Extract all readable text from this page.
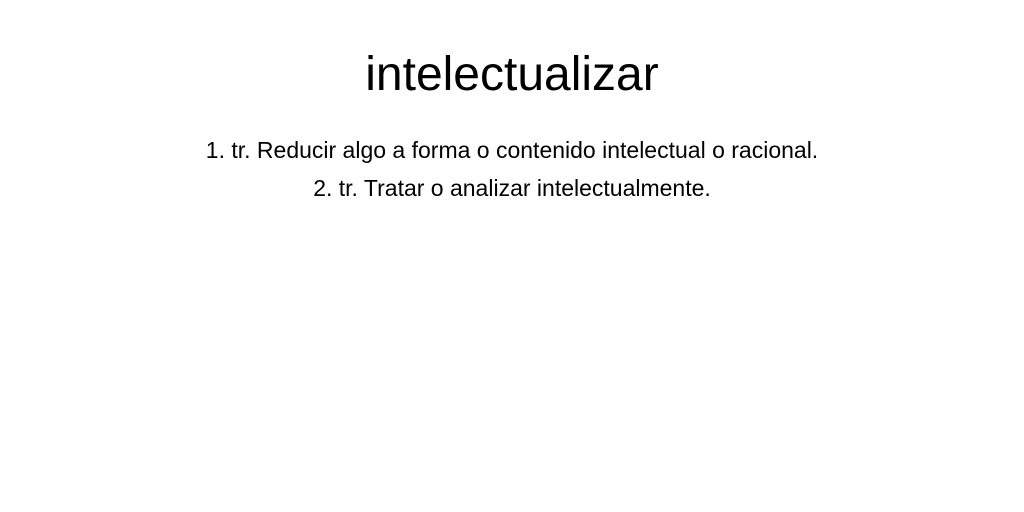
intelectualizar
1. tr. Reducir algo a forma o contenido intelectual o racional.
2. tr. Tratar o analizar intelectualmente.
